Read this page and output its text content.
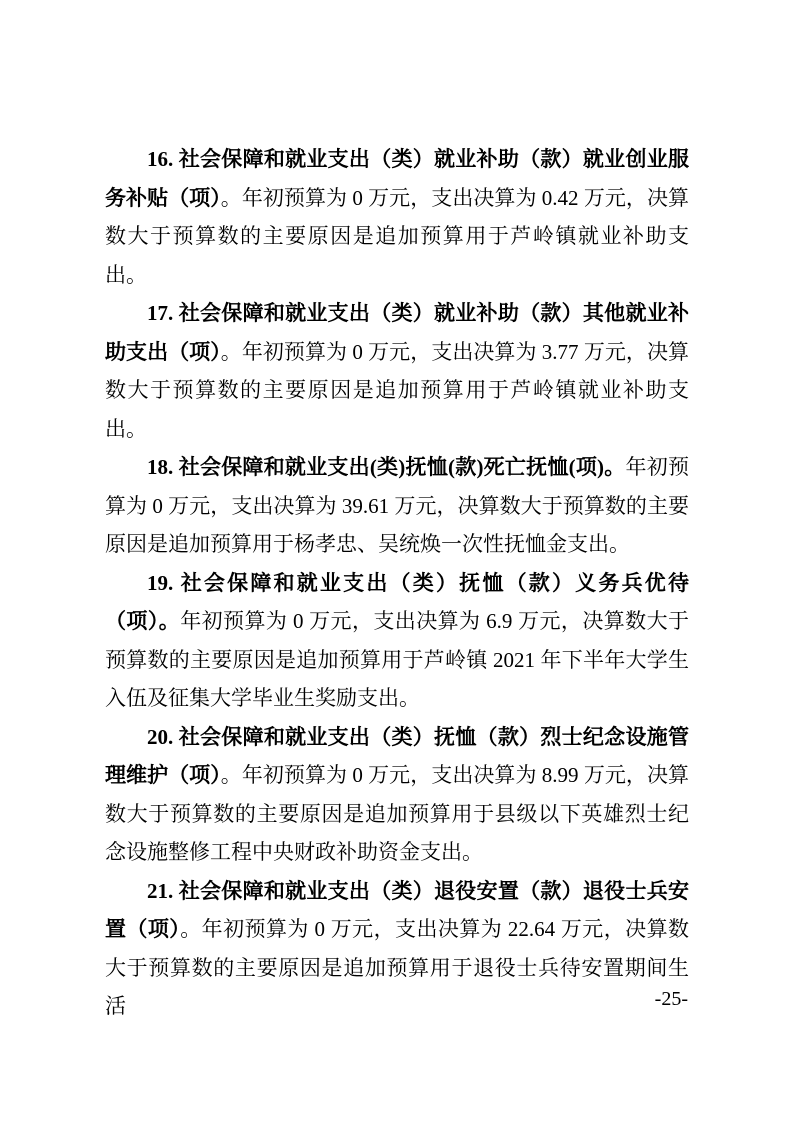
16. 社会保障和就业支出（类）就业补助（款）就业创业服务补贴（项）。年初预算为 0 万元，支出决算为 0.42 万元，决算数大于预算数的主要原因是追加预算用于芦岭镇就业补助支出。

17. 社会保障和就业支出（类）就业补助（款）其他就业补助支出（项）。年初预算为 0 万元，支出决算为 3.77 万元，决算数大于预算数的主要原因是追加预算用于芦岭镇就业补助支出。

18. 社会保障和就业支出(类)抚恤(款)死亡抚恤(项)。年初预算为 0 万元，支出决算为 39.61 万元，决算数大于预算数的主要原因是追加预算用于杨孝忠、吴统焕一次性抚恤金支出。

19. 社会保障和就业支出（类）抚恤（款）义务兵优待（项）。年初预算为 0 万元，支出决算为 6.9 万元，决算数大于预算数的主要原因是追加预算用于芦岭镇 2021 年下半年大学生入伍及征集大学毕业生奖励支出。

20. 社会保障和就业支出（类）抚恤（款）烈士纪念设施管理维护（项）。年初预算为 0 万元，支出决算为 8.99 万元，决算数大于预算数的主要原因是追加预算用于县级以下英雄烈士纪念设施整修工程中央财政补助资金支出。

21. 社会保障和就业支出（类）退役安置（款）退役士兵安置（项）。年初预算为 0 万元，支出决算为 22.64 万元，决算数大于预算数的主要原因是追加预算用于退役士兵待安置期间生活	-25-
